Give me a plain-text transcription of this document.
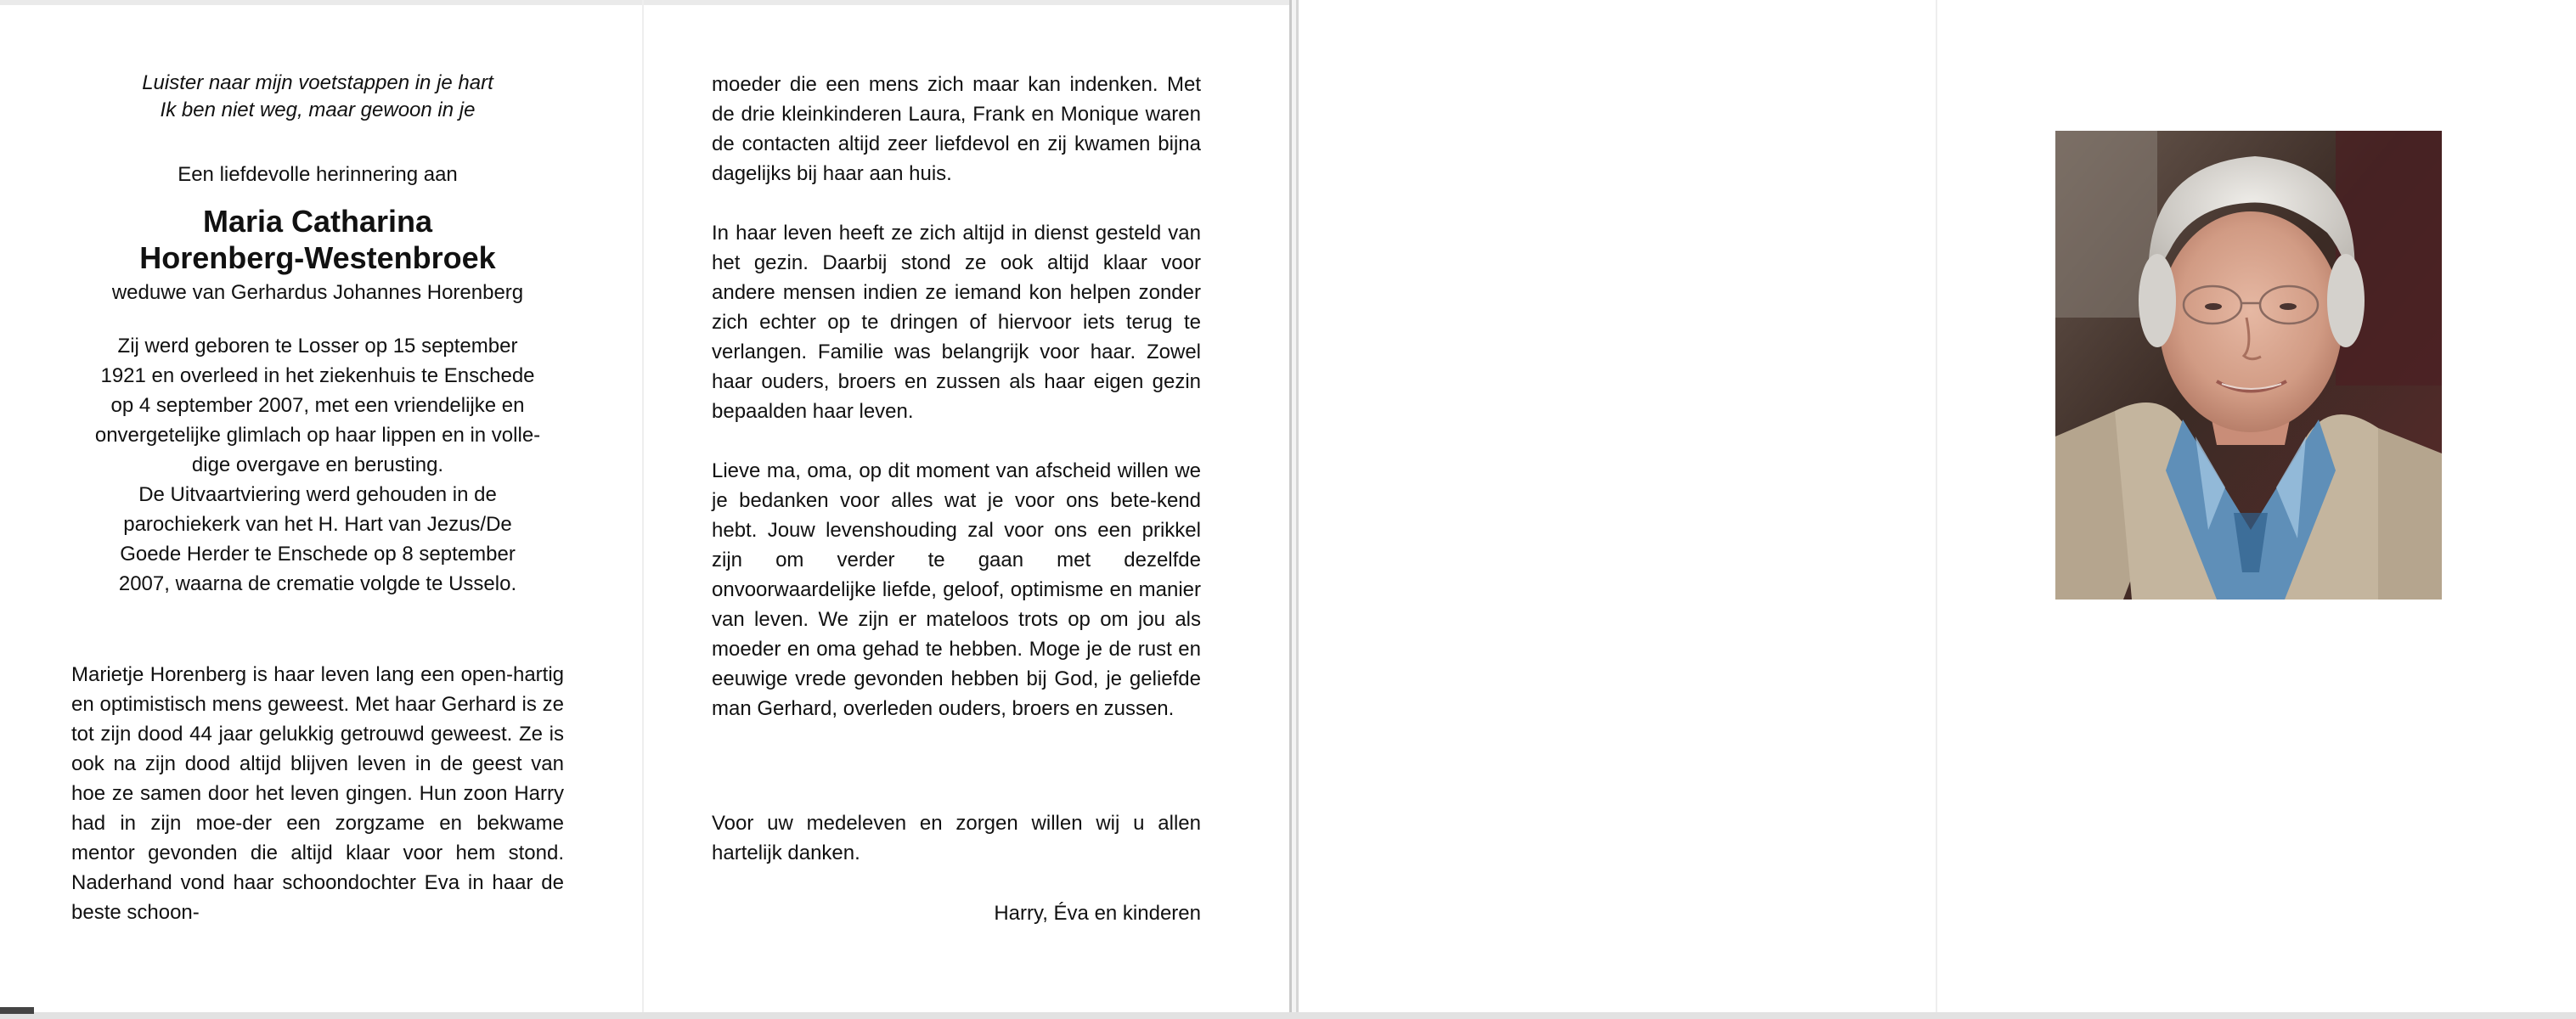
Luister naar mijn voetstappen in je hart

Ik ben niet weg, maar gewoon in je

Een liefdevolle herinnering aan

Maria Catharina

Horenberg-Westenbroek

weduwe van Gerhardus Johannes Horenberg

Zij werd geboren te Losser op 15 september

1921 en overleed in het ziekenhuis te Enschede

op 4 september 2007, met een vriendelijke en

onvergetelijke glimlach op haar lippen en in volle-

dige overgave en berusting.

De Uitvaartviering werd gehouden in de

parochiekerk van het H. Hart van Jezus/De

Goede Herder te Enschede op 8 september

2007, waarna de crematie volgde te Usselo.

Marietje Horenberg is haar leven lang een open-hartig en optimistisch mens geweest. Met haar Gerhard is ze tot zijn dood 44 jaar gelukkig getrouwd geweest. Ze is ook na zijn dood altijd blijven leven in de geest van hoe ze samen door het leven gingen. Hun zoon Harry had in zijn moe-der een zorgzame en bekwame mentor gevonden die altijd klaar voor hem stond. Naderhand vond haar schoondochter Eva in haar de beste schoon-

moeder die een mens zich maar kan indenken. Met de drie kleinkinderen Laura, Frank en Monique waren de contacten altijd zeer liefdevol en zij kwamen bijna dagelijks bij haar aan huis.

In haar leven heeft ze zich altijd in dienst gesteld van het gezin. Daarbij stond ze ook altijd klaar voor andere mensen indien ze iemand kon helpen zonder zich echter op te dringen of hiervoor iets terug te verlangen. Familie was belangrijk voor haar. Zowel haar ouders, broers en zussen als haar eigen gezin bepaalden haar leven.

Lieve ma, oma, op dit moment van afscheid willen we je bedanken voor alles wat je voor ons bete-kend hebt. Jouw levenshouding zal voor ons een prikkel zijn om verder te gaan met dezelfde onvoorwaardelijke liefde, geloof, optimisme en manier van leven. We zijn er mateloos trots op om jou als moeder en oma gehad te hebben. Moge je de rust en eeuwige vrede gevonden hebben bij God, je geliefde man Gerhard, overleden ouders, broers en zussen.

Voor uw medeleven en zorgen willen wij u allen hartelijk danken.

Harry, Éva en kinderen
